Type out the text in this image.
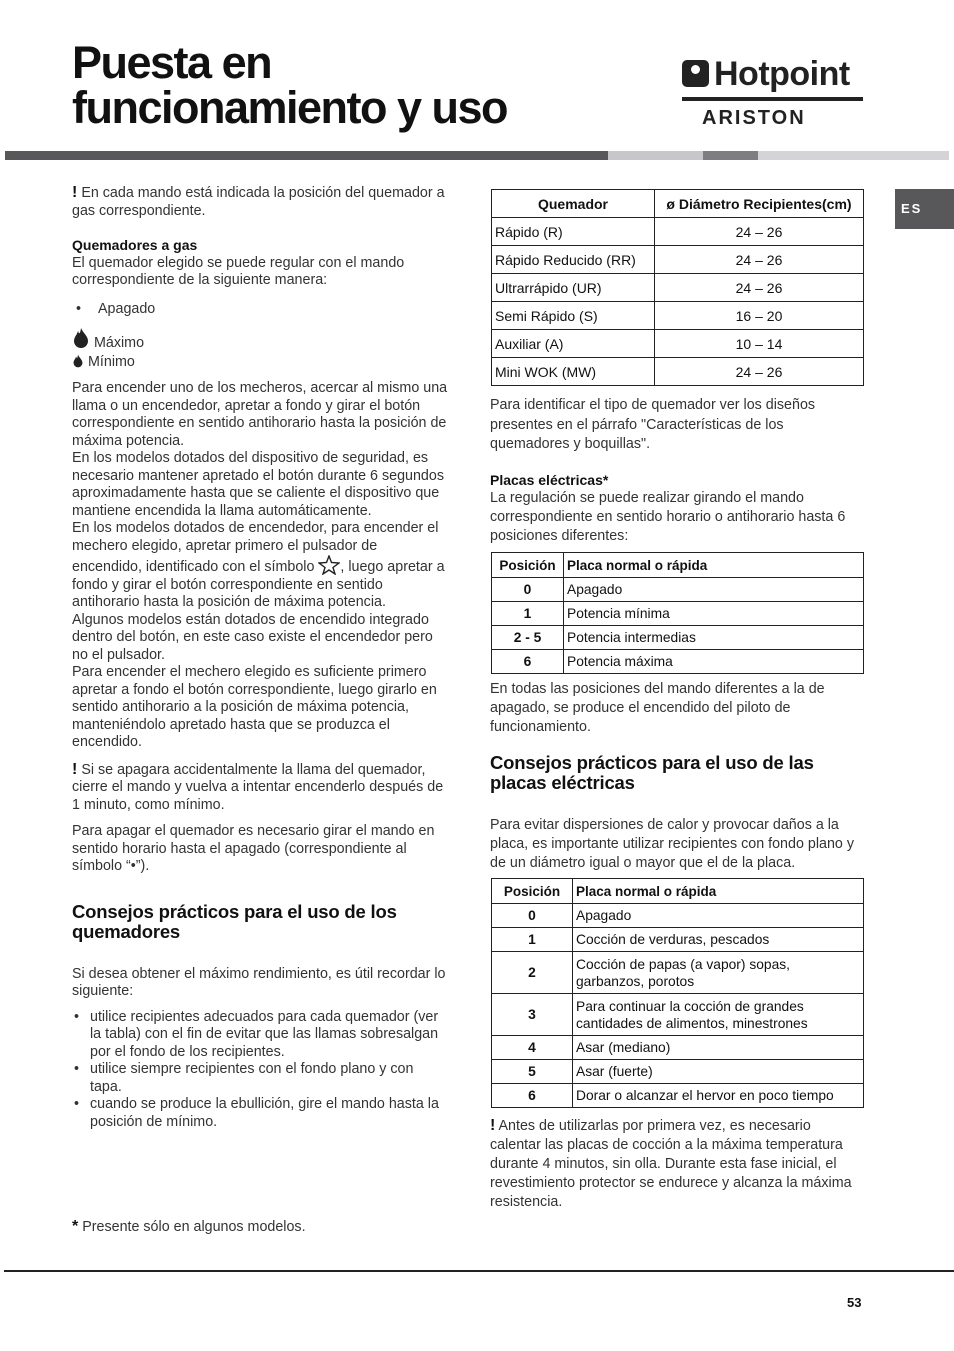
Puesta en
funcionamiento y uso
Hotpoint
ARISTON
ES

! En cada mando está indicada la posición del quemador a gas correspondiente.

Quemadores a gas

El quemador elegido se puede regular con el mando correspondiente de la siguiente manera:

• Apagado

Máximo

Mínimo

Para encender uno de los mecheros, acercar al mismo una llama o un encendedor, apretar a fondo y girar el botón correspondiente en sentido antihorario hasta la posición de máxima potencia.

En los modelos dotados del dispositivo de seguridad, es necesario mantener apretado el botón durante 6 segundos aproximadamente hasta que se caliente el dispositivo que mantiene encendida la llama automáticamente.

En los modelos dotados de encendedor, para encender el mechero elegido, apretar primero el pulsador de encendido, identificado con el símbolo , luego apretar a fondo y girar el botón correspondiente en sentido antihorario hasta la posición de máxima potencia.

Algunos modelos están dotados de encendido integrado dentro del botón, en este caso existe el encendedor pero no el pulsador.

Para encender el mechero elegido es suficiente primero apretar a fondo el botón correspondiente, luego girarlo en sentido antihorario a la posición de máxima potencia, manteniéndolo apretado hasta que se produzca el encendido.

! Si se apagara accidentalmente la llama del quemador, cierre el mando y vuelva a intentar encenderlo después de 1 minuto, como mínimo.

Para apagar el quemador es necesario girar el mando en sentido horario hasta el apagado (correspondiente al símbolo “•”).

Consejos prácticos para el uso de los quemadores

Si desea obtener el máximo rendimiento, es útil recordar lo siguiente:

• utilice recipientes adecuados para cada quemador (ver la tabla) con el fin de evitar que las llamas sobresalgan por el fondo de los recipientes.
• utilice siempre recipientes con el fondo plano y con tapa.
• cuando se produce la ebullición, gire el mando hasta la posición de mínimo.
* Presente sólo en algunos modelos.
Quemador	ø Diámetro Recipientes(cm)
Rápido (R)	24 – 26
Rápido Reducido (RR)	24 – 26
Ultrarrápido (UR)	24 – 26
Semi Rápido (S)	16 – 20
Auxiliar (A)	10 – 14
Mini WOK (MW)	24 – 26

Para identificar el tipo de quemador ver los diseños presentes en el párrafo "Características de los quemadores y boquillas".

Placas eléctricas*

La regulación se puede realizar girando el mando correspondiente en sentido horario o antihorario hasta 6 posiciones diferentes:

Posición	Placa normal o rápida
0	Apagado
1	Potencia mínima
2 - 5	Potencia intermedias
6	Potencia máxima

En todas las posiciones del mando diferentes a la de apagado, se produce el encendido del piloto de funcionamiento.

Consejos prácticos para el uso de las placas eléctricas

Para evitar dispersiones de calor y provocar daños a la placa, es importante utilizar recipientes con fondo plano y de un diámetro igual o mayor que el de la placa.

Posición	Placa normal o rápida
0	Apagado
1	Cocción de verduras, pescados
2	Cocción de papas (a vapor) sopas, garbanzos, porotos
3	Para continuar la cocción de grandes cantidades de alimentos, minestrones
4	Asar (mediano)
5	Asar (fuerte)
6	Dorar o alcanzar el hervor en poco tiempo

! Antes de utilizarlas por primera vez, es necesario calentar las placas de cocción a la máxima temperatura durante 4 minutos, sin olla. Durante esta fase inicial, el revestimiento protector se endurece y alcanza la máxima resistencia.

53
